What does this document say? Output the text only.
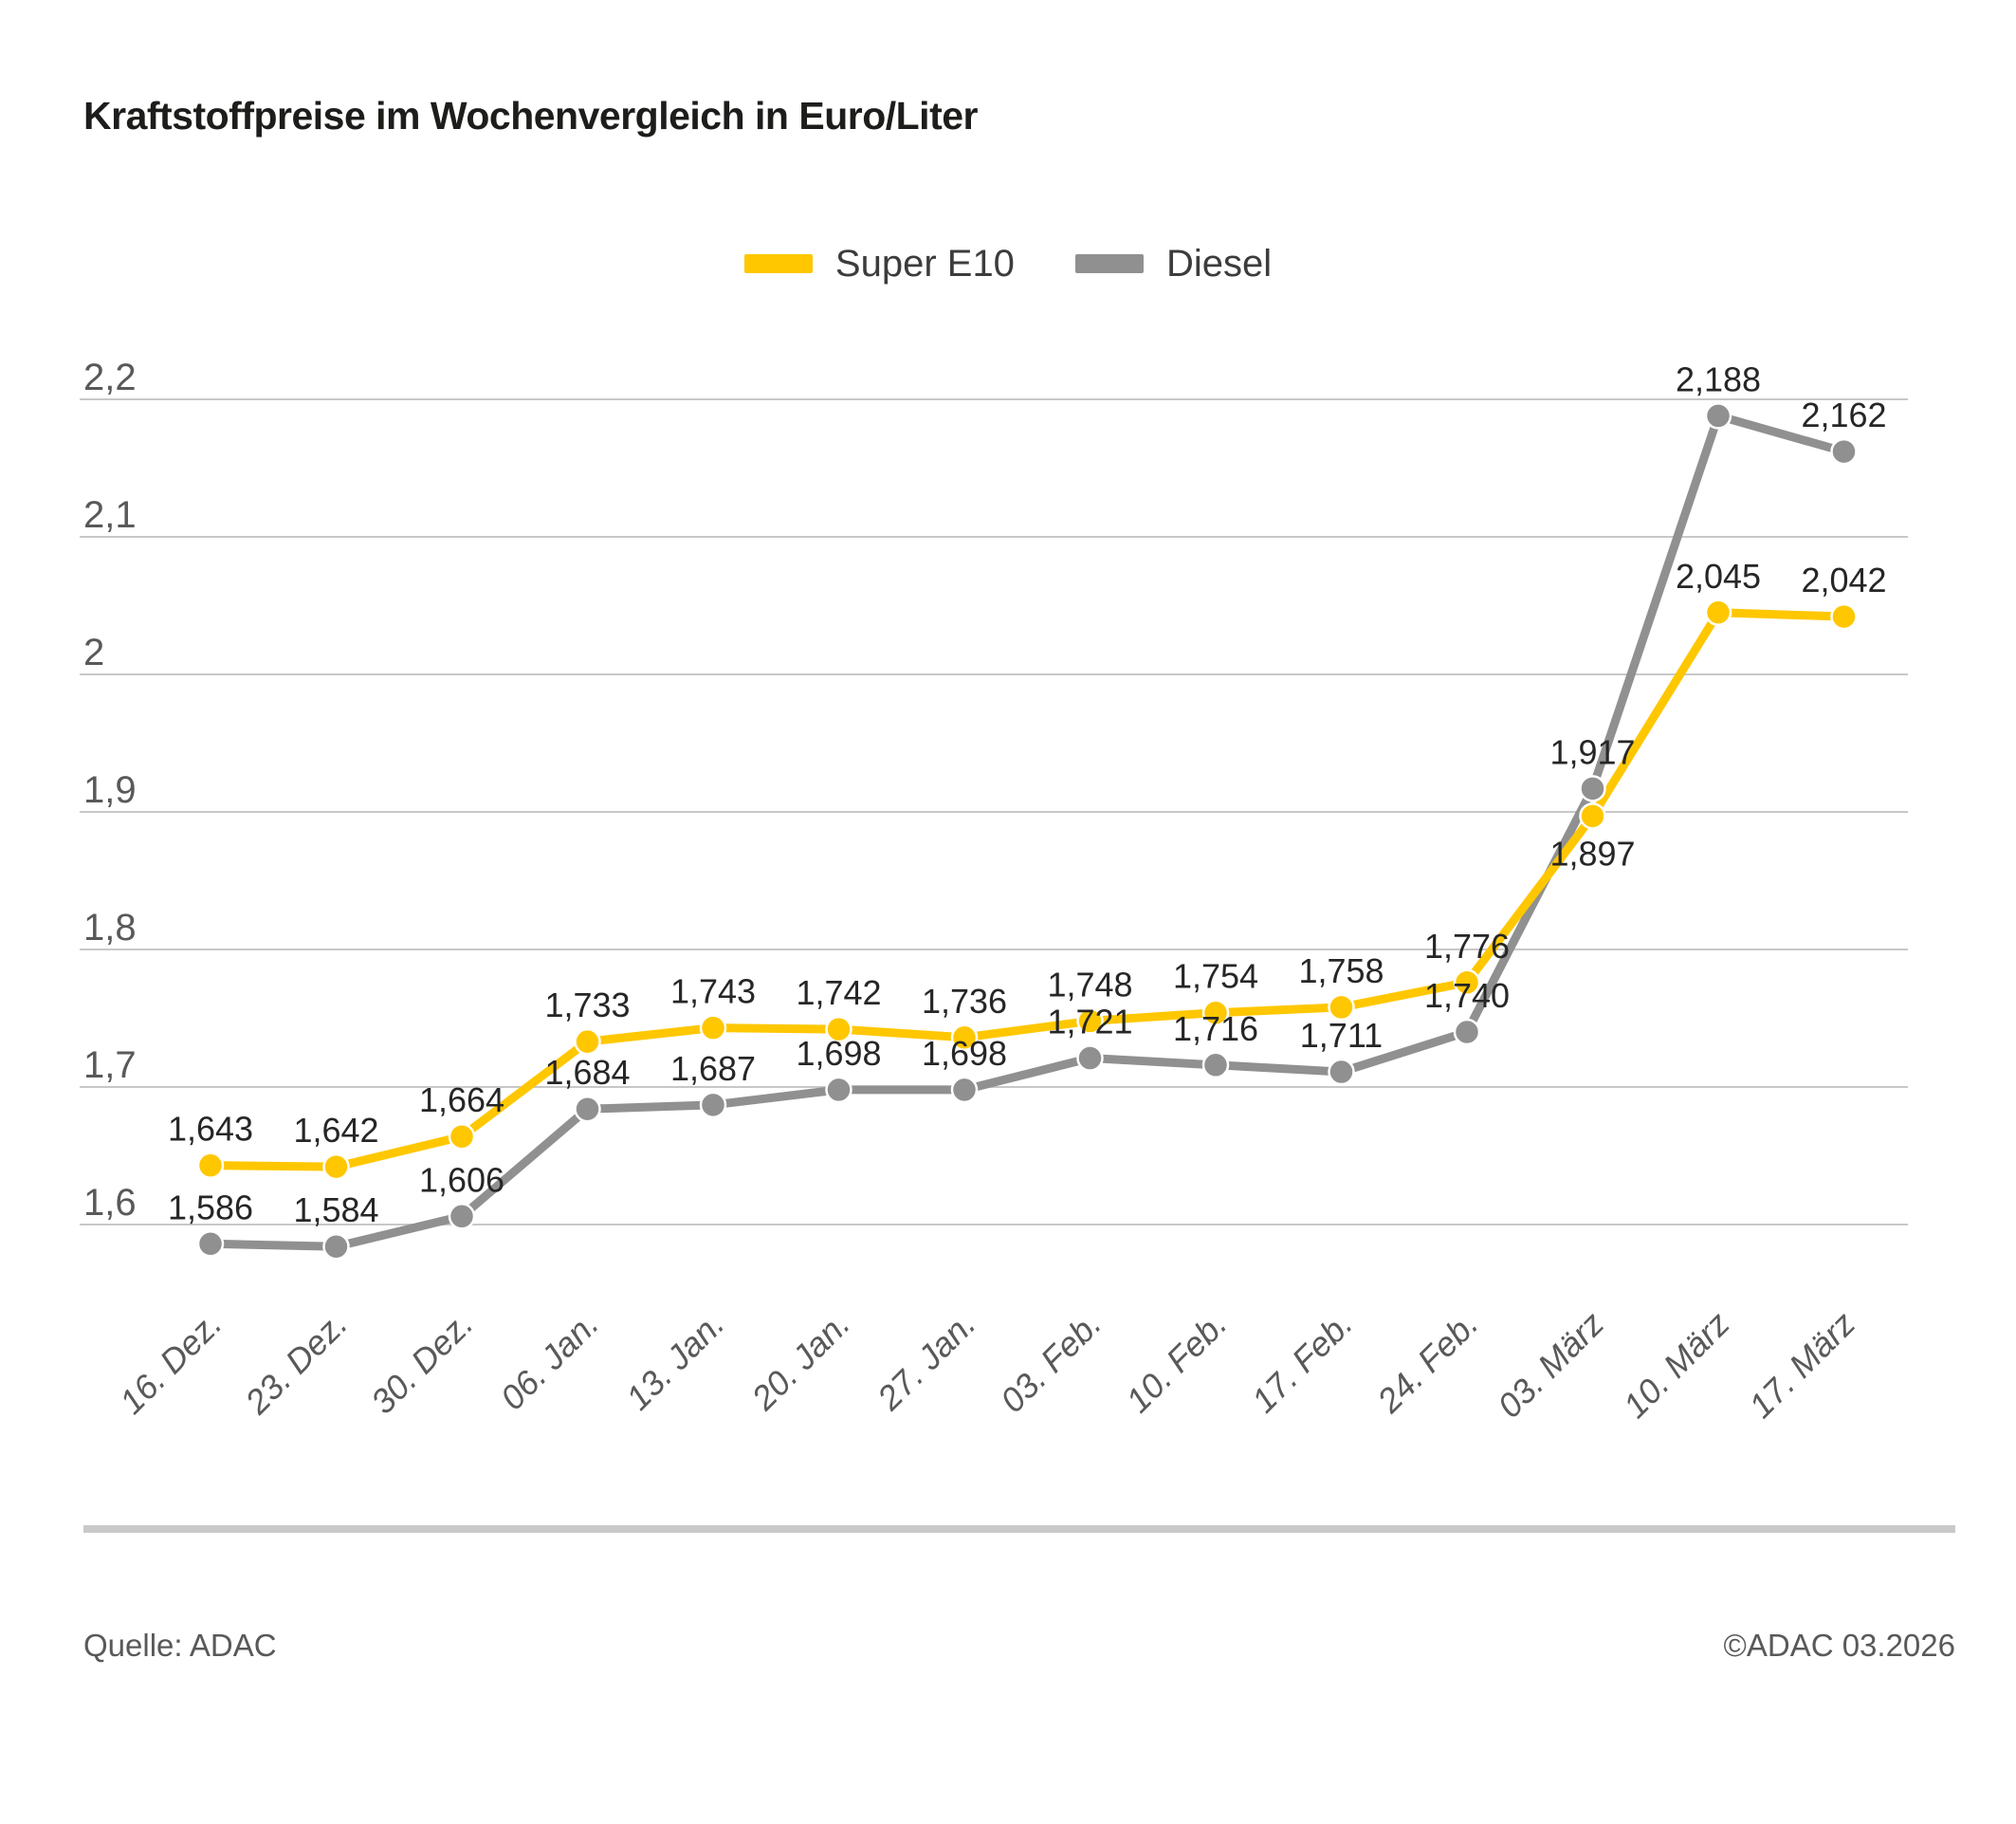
Kraftstoffpreise im Wochenvergleich in Euro/Liter
Super E10	Diesel
2,2
2,1
2
1,9
1,8
1,7
1,6
16. Dez. 23. Dez. 30. Dez. 06. Jan. 13. Jan. 20. Jan. 27. Jan. 03. Feb. 10. Feb. 17. Feb. 24. Feb. 03. März 10. März 17. März
1,643 1,642
1,664
1,733 1,743 1,742 1,736 1,748 1,754 1,758
1,776
1,897
2,045 2,042
1,586 1,584
1,606
1,684 1,687 1,698 1,698
1,721 1,716 1,711
1,740
1,917
2,188
2,162
Quelle: ADAC	©ADAC 03.2026
